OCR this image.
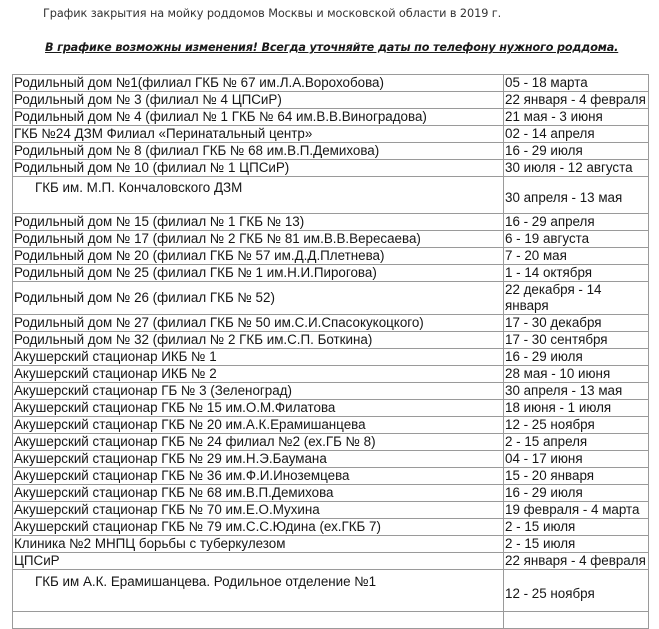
График закрытия на мойку роддомов Москвы и московской области в 2019 г.
В графике возможны изменения! Всегда уточняйте даты по телефону нужного роддома.
Родильный дом №1(филиал ГКБ № 67 им.Л.А.Ворохобова)	05 - 18 марта
Родильный дом № 3 (филиал № 4 ЦПСиР)	22 января - 4 февраля
Родильный дом № 4 (филиал № 1 ГКБ № 64 им.В.В.Виноградова)	21 мая - 3 июня
ГКБ №24 ДЗМ Филиал «Перинатальный центр»	02 - 14 апреля
Родильный дом № 8 (филиал ГКБ № 68 им.В.П.Демихова)	16 - 29 июля
Родильный дом № 10 (филиал № 1 ЦПСиР)	30 июля - 12 августа
ГКБ им. М.П. Кончаловского ДЗМ	30 апреля - 13 мая
Родильный дом № 15 (филиал № 1 ГКБ № 13)	16 - 29 апреля
Родильный дом № 17 (филиал № 2 ГКБ № 81 им.В.В.Вересаева)	6 - 19 августа
Родильный дом № 20 (филиал ГКБ № 57 им.Д.Д.Плетнева)	7 - 20 мая
Родильный дом № 25 (филиал ГКБ № 1 им.Н.И.Пирогова)	1 - 14 октября
Родильный дом № 26 (филиал ГКБ № 52)	22 декабря - 14 января
Родильный дом № 27 (филиал ГКБ № 50 им.С.И.Спасокукоцкого)	17 - 30 декабря
Родильный дом № 32 (филиал № 2 ГКБ им.С.П. Боткина)	17 - 30 сентября
Акушерский стационар ИКБ № 1	16 - 29 июля
Акушерский стационар ИКБ № 2	28 мая - 10 июня
Акушерский стационар ГБ № 3 (Зеленоград)	30 апреля - 13 мая
Акушерский стационар ГКБ № 15 им.О.М.Филатова	18 июня - 1 июля
Акушерский стационар ГКБ № 20 им.А.К.Ерамишанцева	12 - 25 ноября
Акушерский стационар ГКБ № 24 филиал №2 (ех.ГБ № 8)	2 - 15 апреля
Акушерский стационар ГКБ № 29 им.Н.Э.Баумана	04 - 17 июня
Акушерский стационар ГКБ № 36 им.Ф.И.Иноземцева	15 - 20 января
Акушерский стационар ГКБ № 68 им.В.П.Демихова	16 - 29 июля
Акушерский стационар ГКБ № 70 им.Е.О.Мухина	19 февраля - 4 марта
Акушерский стационар ГКБ № 79 им.С.С.Юдина (ех.ГКБ 7)	2 - 15 июля
Клиника №2 МНПЦ борьбы с туберкулезом	2 - 15 июля
ЦПСиР	22 января - 4 февраля
ГКБ им А.К. Ерамишанцева. Родильное отделение №1	12 - 25 ноября
